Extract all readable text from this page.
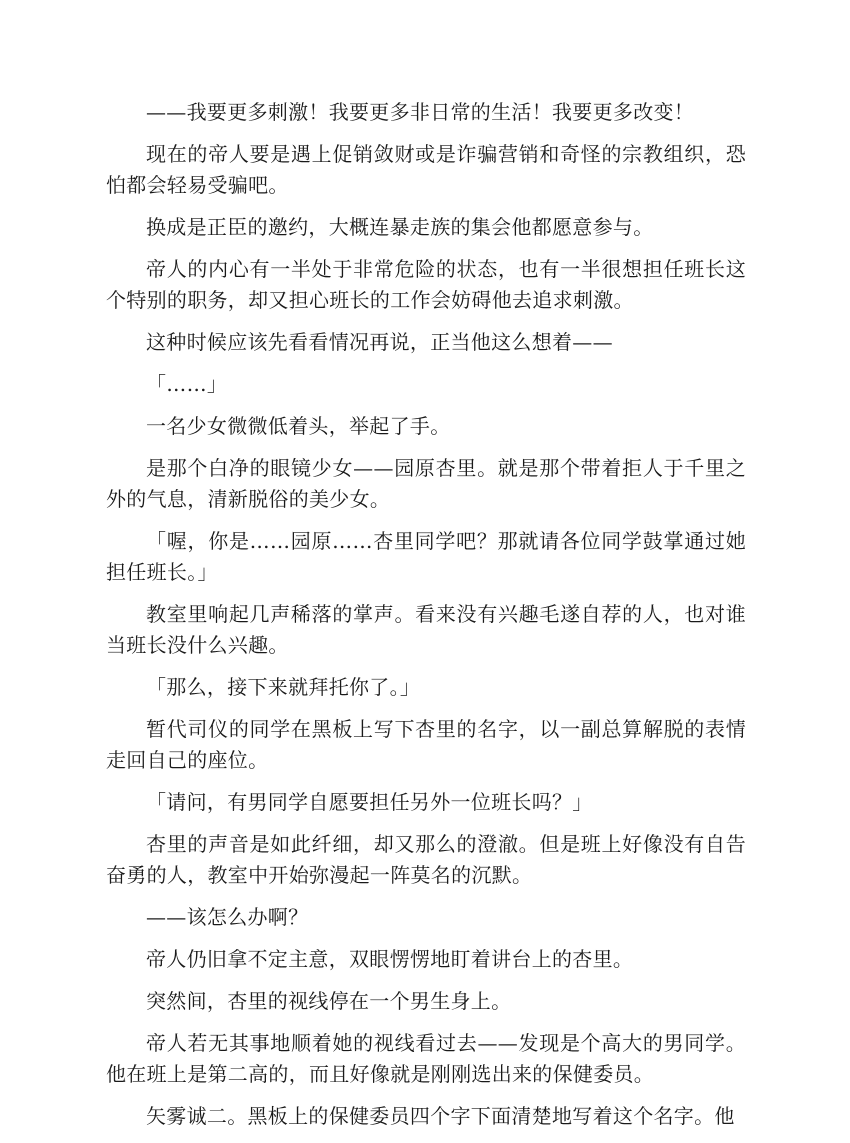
——我要更多刺激！我要更多非日常的生活！我要更多改变！

现在的帝人要是遇上促销敛财或是诈骗营销和奇怪的宗教组织，恐怕都会轻易受骗吧。

换成是正臣的邀约，大概连暴走族的集会他都愿意参与。

帝人的内心有一半处于非常危险的状态，也有一半很想担任班长这个特别的职务，却又担心班长的工作会妨碍他去追求刺激。

这种时候应该先看看情况再说，正当他这么想着——

「……」

一名少女微微低着头，举起了手。

是那个白净的眼镜少女——园原杏里。就是那个带着拒人于千里之外的气息，清新脱俗的美少女。

「喔，你是……园原……杏里同学吧？那就请各位同学鼓掌通过她担任班长。」

教室里响起几声稀落的掌声。看来没有兴趣毛遂自荐的人，也对谁当班长没什么兴趣。

「那么，接下来就拜托你了。」

暂代司仪的同学在黑板上写下杏里的名字，以一副总算解脱的表情走回自己的座位。

「请问，有男同学自愿要担任另外一位班长吗？」

杏里的声音是如此纤细，却又那么的澄澈。但是班上好像没有自告奋勇的人，教室中开始弥漫起一阵莫名的沉默。

——该怎么办啊？

帝人仍旧拿不定主意，双眼愣愣地盯着讲台上的杏里。

突然间，杏里的视线停在一个男生身上。

帝人若无其事地顺着她的视线看过去——发现是个高大的男同学。他在班上是第二高的，而且好像就是刚刚选出来的保健委员。

矢雾诚二。黑板上的保健委员四个字下面清楚地写着这个名字。他
